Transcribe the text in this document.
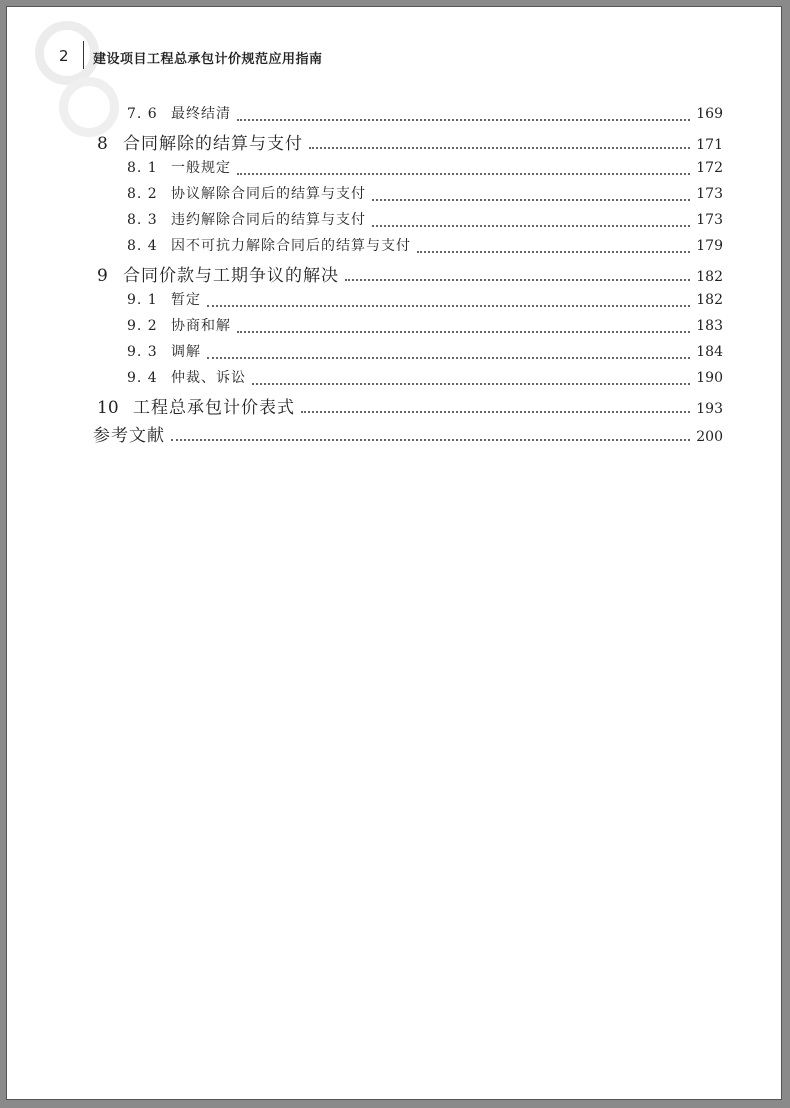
2 建设项目工程总承包计价规范应用指南
7. 6 最终结清	169
8 合同解除的结算与支付	171
8. 1 一般规定	172
8. 2 协议解除合同后的结算与支付	173
8. 3 违约解除合同后的结算与支付	173
8. 4 因不可抗力解除合同后的结算与支付	179
9 合同价款与工期争议的解决	182
9. 1 暂定	182
9. 2 协商和解	183
9. 3 调解	184
9. 4 仲裁、诉讼	190
10 工程总承包计价表式	193
参考文献	200
